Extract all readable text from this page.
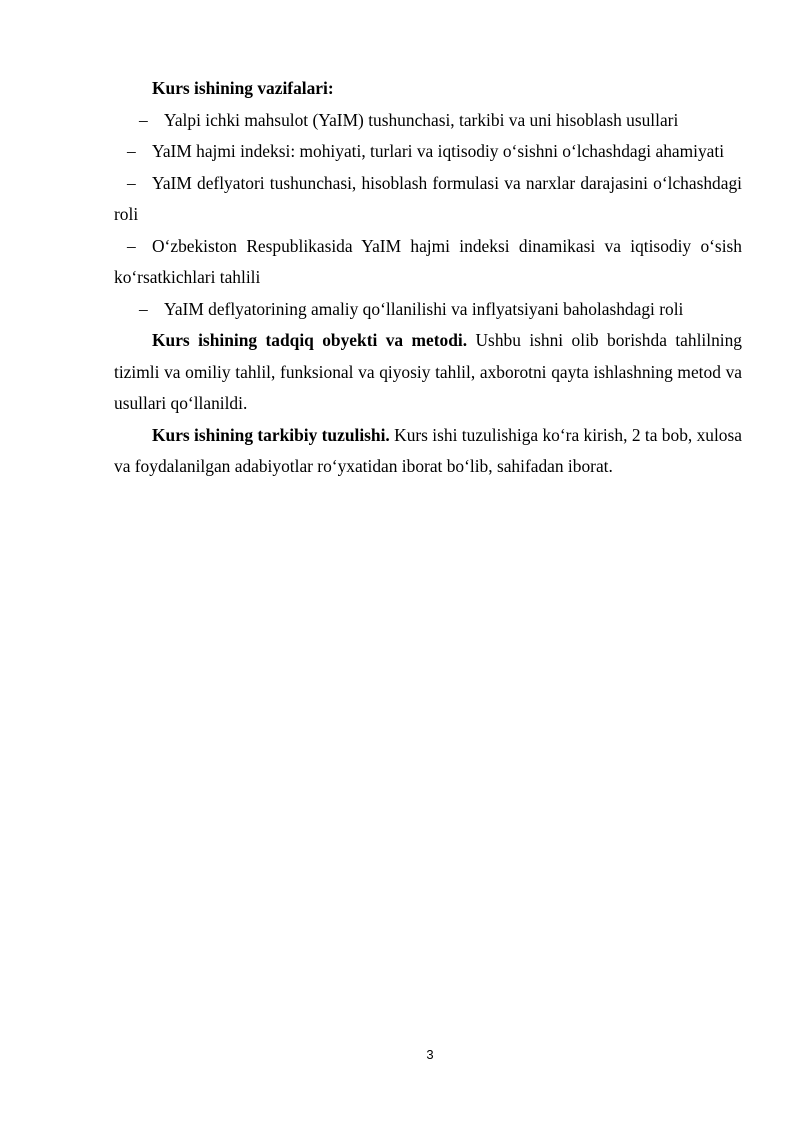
Kurs ishining vazifalari:

– Yalpi ichki mahsulot (YaIM) tushunchasi, tarkibi va uni hisoblash usullari
– YaIM hajmi indeksi: mohiyati, turlari va iqtisodiy o‘sishni o‘lchashdagi ahamiyati
– YaIM deflyatori tushunchasi, hisoblash formulasi va narxlar darajasini o‘lchashdagi roli
– O‘zbekiston Respublikasida YaIM hajmi indeksi dinamikasi va iqtisodiy o‘sish ko‘rsatkichlari tahlili
– YaIM deflyatorining amaliy qo‘llanilishi va inflyatsiyani baholashdagi roli

Kurs ishining tadqiq obyekti va metodi. Ushbu ishni olib borishda tahlilning tizimli va omiliy tahlil, funksional va qiyosiy tahlil, axborotni qayta ishlashning metod va usullari qo‘llanildi.

Kurs ishining tarkibiy tuzulishi. Kurs ishi tuzulishiga ko‘ra kirish, 2 ta bob, xulosa va foydalanilgan adabiyotlar ro‘yxatidan iborat bo‘lib, sahifadan iborat.

3
